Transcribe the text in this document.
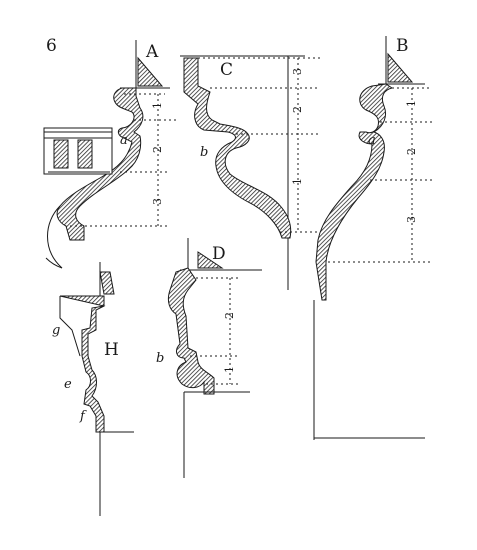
6	A
a
1
2
3
B
a
1
2
3
C
b
3
2
1
D
b
2
1
H
g
e
f
